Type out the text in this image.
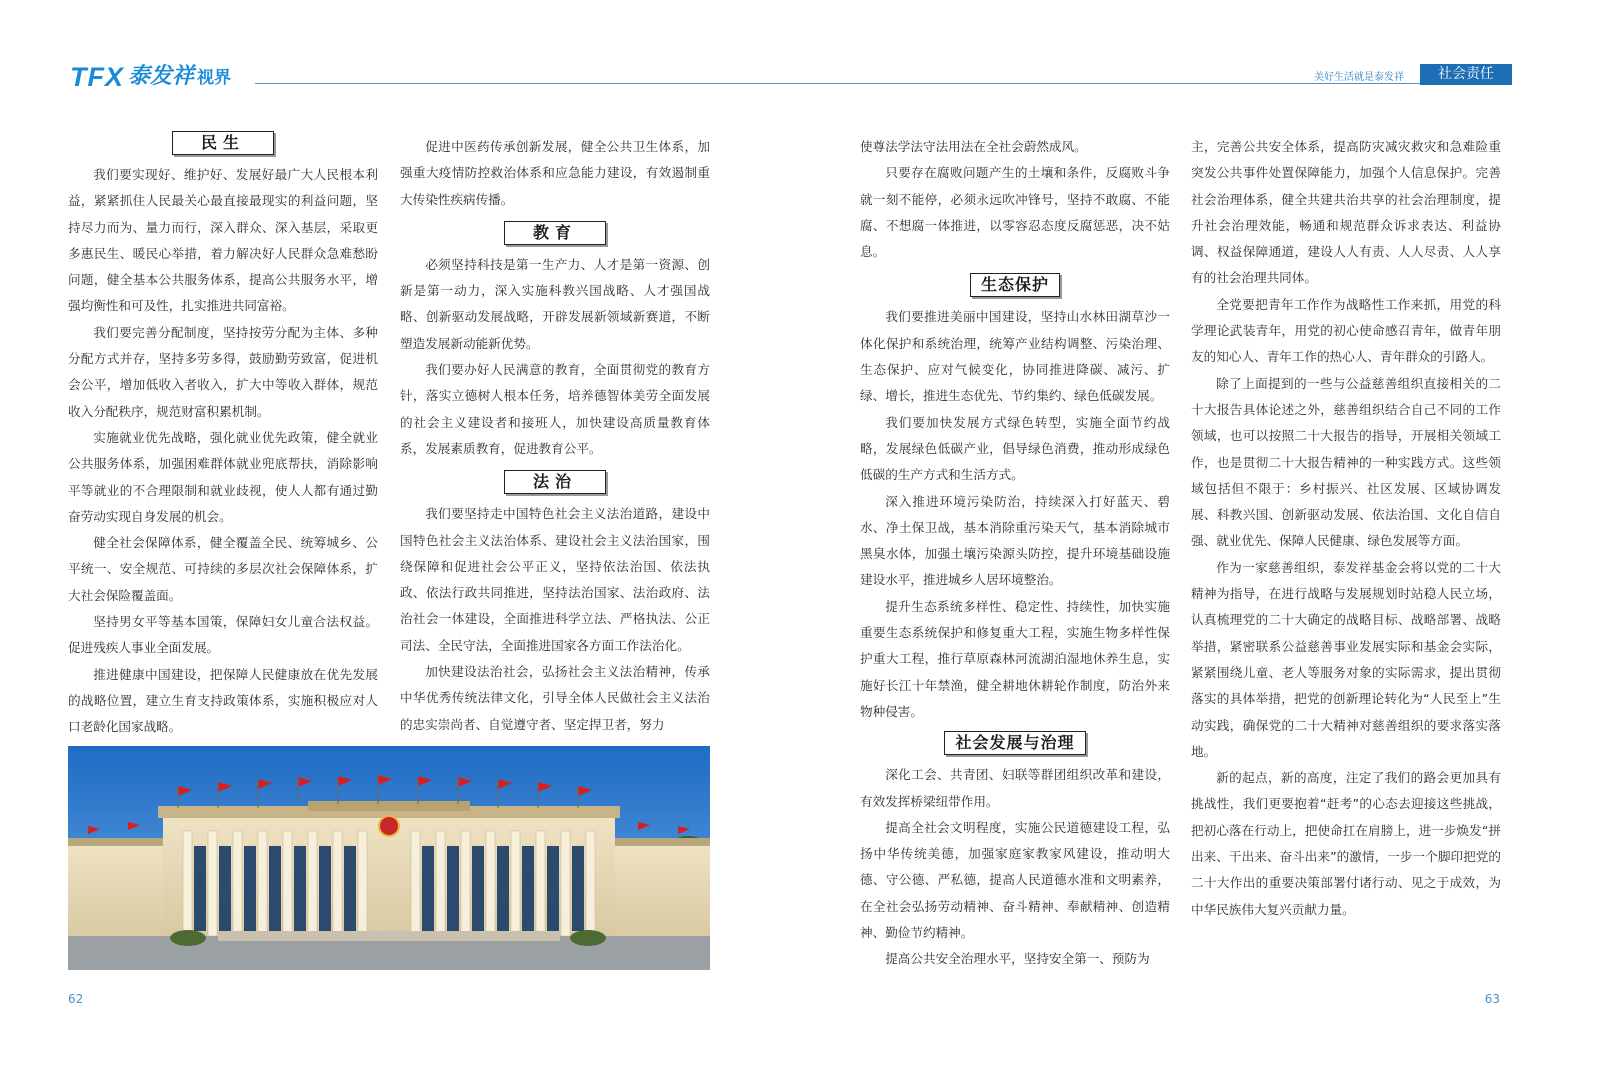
TFX 泰发祥 视界	美好生活就是泰发祥	社会责任
民生

我们要实现好、维护好、发展好最广大人民根本利益，紧紧抓住人民最关心最直接最现实的利益问题，坚持尽力而为、量力而行，深入群众、深入基层，采取更多惠民生、暖民心举措，着力解决好人民群众急难愁盼问题，健全基本公共服务体系，提高公共服务水平，增强均衡性和可及性，扎实推进共同富裕。

我们要完善分配制度，坚持按劳分配为主体、多种分配方式并存，坚持多劳多得，鼓励勤劳致富，促进机会公平，增加低收入者收入，扩大中等收入群体，规范收入分配秩序，规范财富积累机制。

实施就业优先战略，强化就业优先政策，健全就业公共服务体系，加强困难群体就业兜底帮扶，消除影响平等就业的不合理限制和就业歧视，使人人都有通过勤奋劳动实现自身发展的机会。

健全社会保障体系，健全覆盖全民、统筹城乡、公平统一、安全规范、可持续的多层次社会保障体系，扩大社会保险覆盖面。

坚持男女平等基本国策，保障妇女儿童合法权益。促进残疾人事业全面发展。

推进健康中国建设，把保障人民健康放在优先发展的战略位置，建立生育支持政策体系，实施积极应对人口老龄化国家战略。

促进中医药传承创新发展，健全公共卫生体系，加强重大疫情防控救治体系和应急能力建设，有效遏制重大传染性疾病传播。

教育

必须坚持科技是第一生产力、人才是第一资源、创新是第一动力，深入实施科教兴国战略、人才强国战略、创新驱动发展战略，开辟发展新领域新赛道，不断塑造发展新动能新优势。

我们要办好人民满意的教育，全面贯彻党的教育方针，落实立德树人根本任务，培养德智体美劳全面发展的社会主义建设者和接班人，加快建设高质量教育体系，发展素质教育，促进教育公平。

法治

我们要坚持走中国特色社会主义法治道路，建设中国特色社会主义法治体系、建设社会主义法治国家，围绕保障和促进社会公平正义，坚持依法治国、依法执政、依法行政共同推进，坚持法治国家、法治政府、法治社会一体建设，全面推进科学立法、严格执法、公正司法、全民守法，全面推进国家各方面工作法治化。

加快建设法治社会，弘扬社会主义法治精神，传承中华优秀传统法律文化，引导全体人民做社会主义法治的忠实崇尚者、自觉遵守者、坚定捍卫者，努力

使尊法学法守法用法在全社会蔚然成风。

只要存在腐败问题产生的土壤和条件，反腐败斗争就一刻不能停，必须永远吹冲锋号，坚持不敢腐、不能腐、不想腐一体推进，以零容忍态度反腐惩恶，决不姑息。

生态保护

我们要推进美丽中国建设，坚持山水林田湖草沙一体化保护和系统治理，统筹产业结构调整、污染治理、生态保护、应对气候变化，协同推进降碳、减污、扩绿、增长，推进生态优先、节约集约、绿色低碳发展。

我们要加快发展方式绿色转型，实施全面节约战略，发展绿色低碳产业，倡导绿色消费，推动形成绿色低碳的生产方式和生活方式。

深入推进环境污染防治，持续深入打好蓝天、碧水、净土保卫战，基本消除重污染天气，基本消除城市黑臭水体，加强土壤污染源头防控，提升环境基础设施建设水平，推进城乡人居环境整治。

提升生态系统多样性、稳定性、持续性，加快实施重要生态系统保护和修复重大工程，实施生物多样性保护重大工程，推行草原森林河流湖泊湿地休养生息，实施好长江十年禁渔，健全耕地休耕轮作制度，防治外来物种侵害。

社会发展与治理

深化工会、共青团、妇联等群团组织改革和建设，有效发挥桥梁纽带作用。

提高全社会文明程度，实施公民道德建设工程，弘扬中华传统美德，加强家庭家教家风建设，推动明大德、守公德、严私德，提高人民道德水准和文明素养，在全社会弘扬劳动精神、奋斗精神、奉献精神、创造精神、勤俭节约精神。

提高公共安全治理水平，坚持安全第一、预防为

主，完善公共安全体系，提高防灾减灾救灾和急难险重突发公共事件处置保障能力，加强个人信息保护。完善社会治理体系，健全共建共治共享的社会治理制度，提升社会治理效能，畅通和规范群众诉求表达、利益协调、权益保障通道，建设人人有责、人人尽责、人人享有的社会治理共同体。

全党要把青年工作作为战略性工作来抓，用党的科学理论武装青年，用党的初心使命感召青年，做青年朋友的知心人、青年工作的热心人、青年群众的引路人。

除了上面提到的一些与公益慈善组织直接相关的二十大报告具体论述之外，慈善组织结合自己不同的工作领域，也可以按照二十大报告的指导，开展相关领域工作，也是贯彻二十大报告精神的一种实践方式。这些领域包括但不限于：乡村振兴、社区发展、区域协调发展、科教兴国、创新驱动发展、依法治国、文化自信自强、就业优先、保障人民健康、绿色发展等方面。

作为一家慈善组织，泰发祥基金会将以党的二十大精神为指导，在进行战略与发展规划时站稳人民立场，认真梳理党的二十大确定的战略目标、战略部署、战略举措，紧密联系公益慈善事业发展实际和基金会实际，紧紧围绕儿童、老人等服务对象的实际需求，提出贯彻落实的具体举措，把党的创新理论转化为“人民至上”生动实践，确保党的二十大精神对慈善组织的要求落实落地。

新的起点，新的高度，注定了我们的路会更加具有挑战性，我们更要抱着“赶考”的心态去迎接这些挑战，把初心落在行动上，把使命扛在肩膀上，进一步焕发“拼出来、干出来、奋斗出来”的激情，一步一个脚印把党的二十大作出的重要决策部署付诸行动、见之于成效，为中华民族伟大复兴贡献力量。

62	63
